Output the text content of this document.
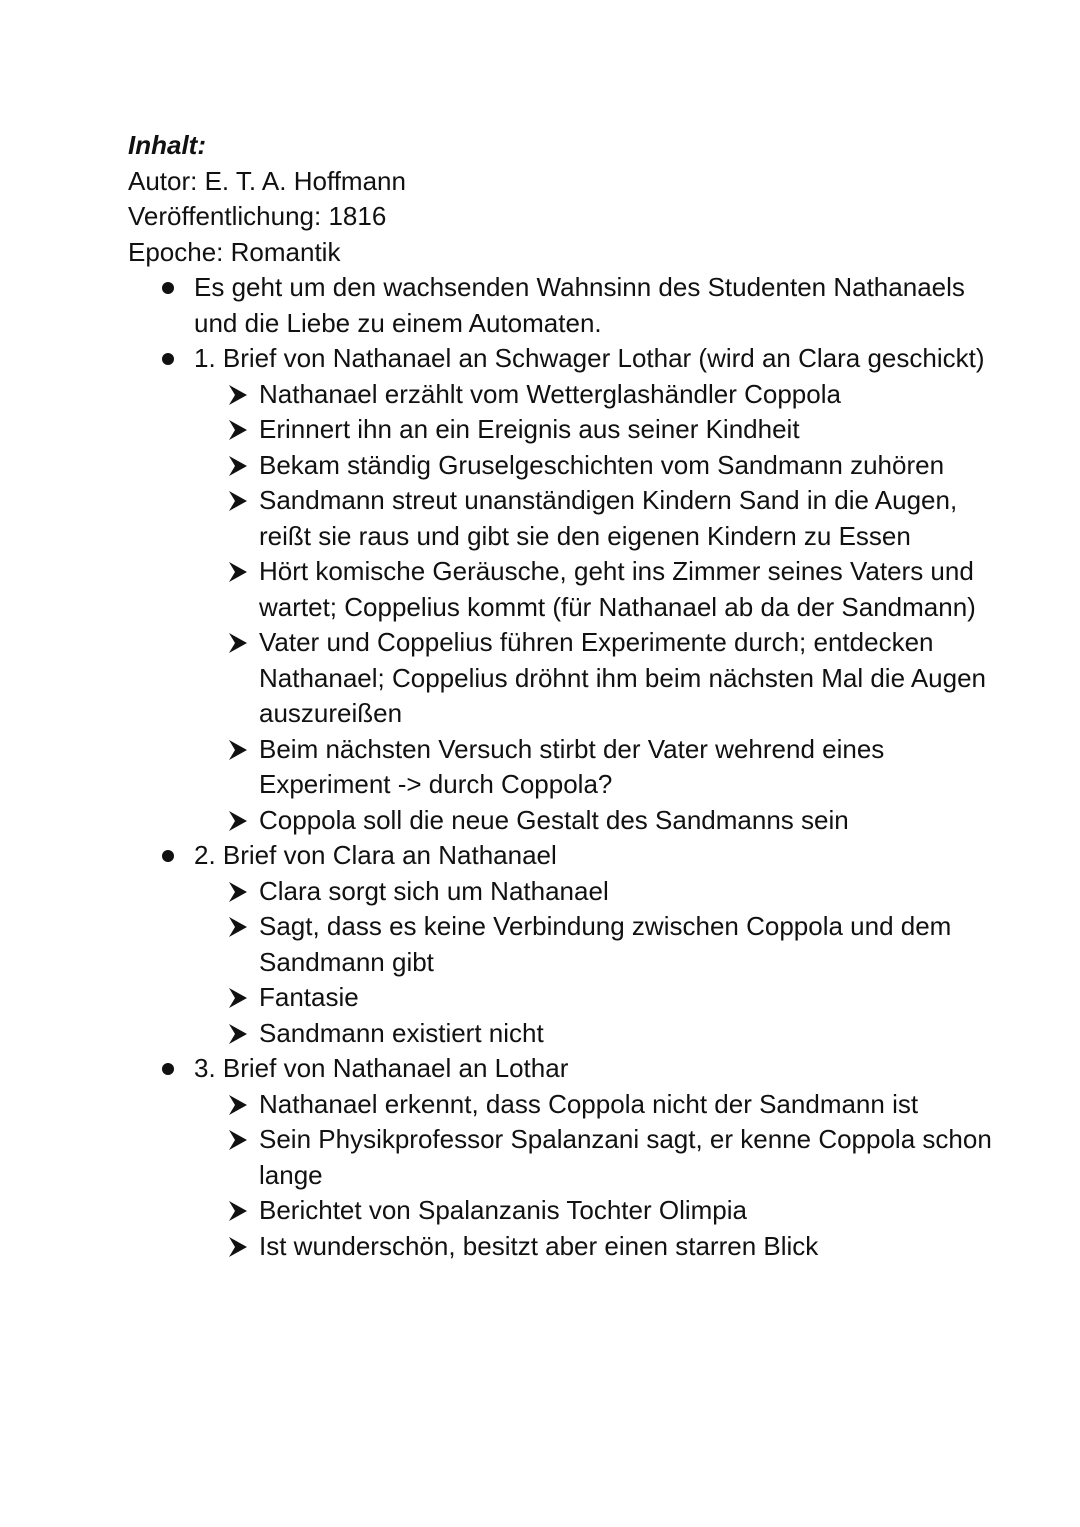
Inhalt:

Autor: E. T. A. Hoffmann

Veröffentlichung: 1816

Epoche: Romantik

Es geht um den wachsenden Wahnsinn des Studenten Nathanaels und die Liebe zu einem Automaten.
1. Brief von Nathanael an Schwager Lothar (wird an Clara geschickt)
Nathanael erzählt vom Wetterglashändler Coppola
Erinnert ihn an ein Ereignis aus seiner Kindheit
Bekam ständig Gruselgeschichten vom Sandmann zuhören
Sandmann streut unanständigen Kindern Sand in die Augen, reißt sie raus und gibt sie den eigenen Kindern zu Essen
Hört komische Geräusche, geht ins Zimmer seines Vaters und wartet; Coppelius kommt (für Nathanael ab da der Sandmann)
Vater und Coppelius führen Experimente durch; entdecken Nathanael; Coppelius dröhnt ihm beim nächsten Mal die Augen auszureißen
Beim nächsten Versuch stirbt der Vater wehrend eines Experiment -> durch Coppola?
Coppola soll die neue Gestalt des Sandmanns sein
2. Brief von Clara an Nathanael
Clara sorgt sich um Nathanael
Sagt, dass es keine Verbindung zwischen Coppola und dem Sandmann gibt
Fantasie
Sandmann existiert nicht
3. Brief von Nathanael an Lothar
Nathanael erkennt, dass Coppola nicht der Sandmann ist
Sein Physikprofessor Spalanzani sagt, er kenne Coppola schon lange
Berichtet von Spalanzanis Tochter Olimpia
Ist wunderschön, besitzt aber einen starren Blick
